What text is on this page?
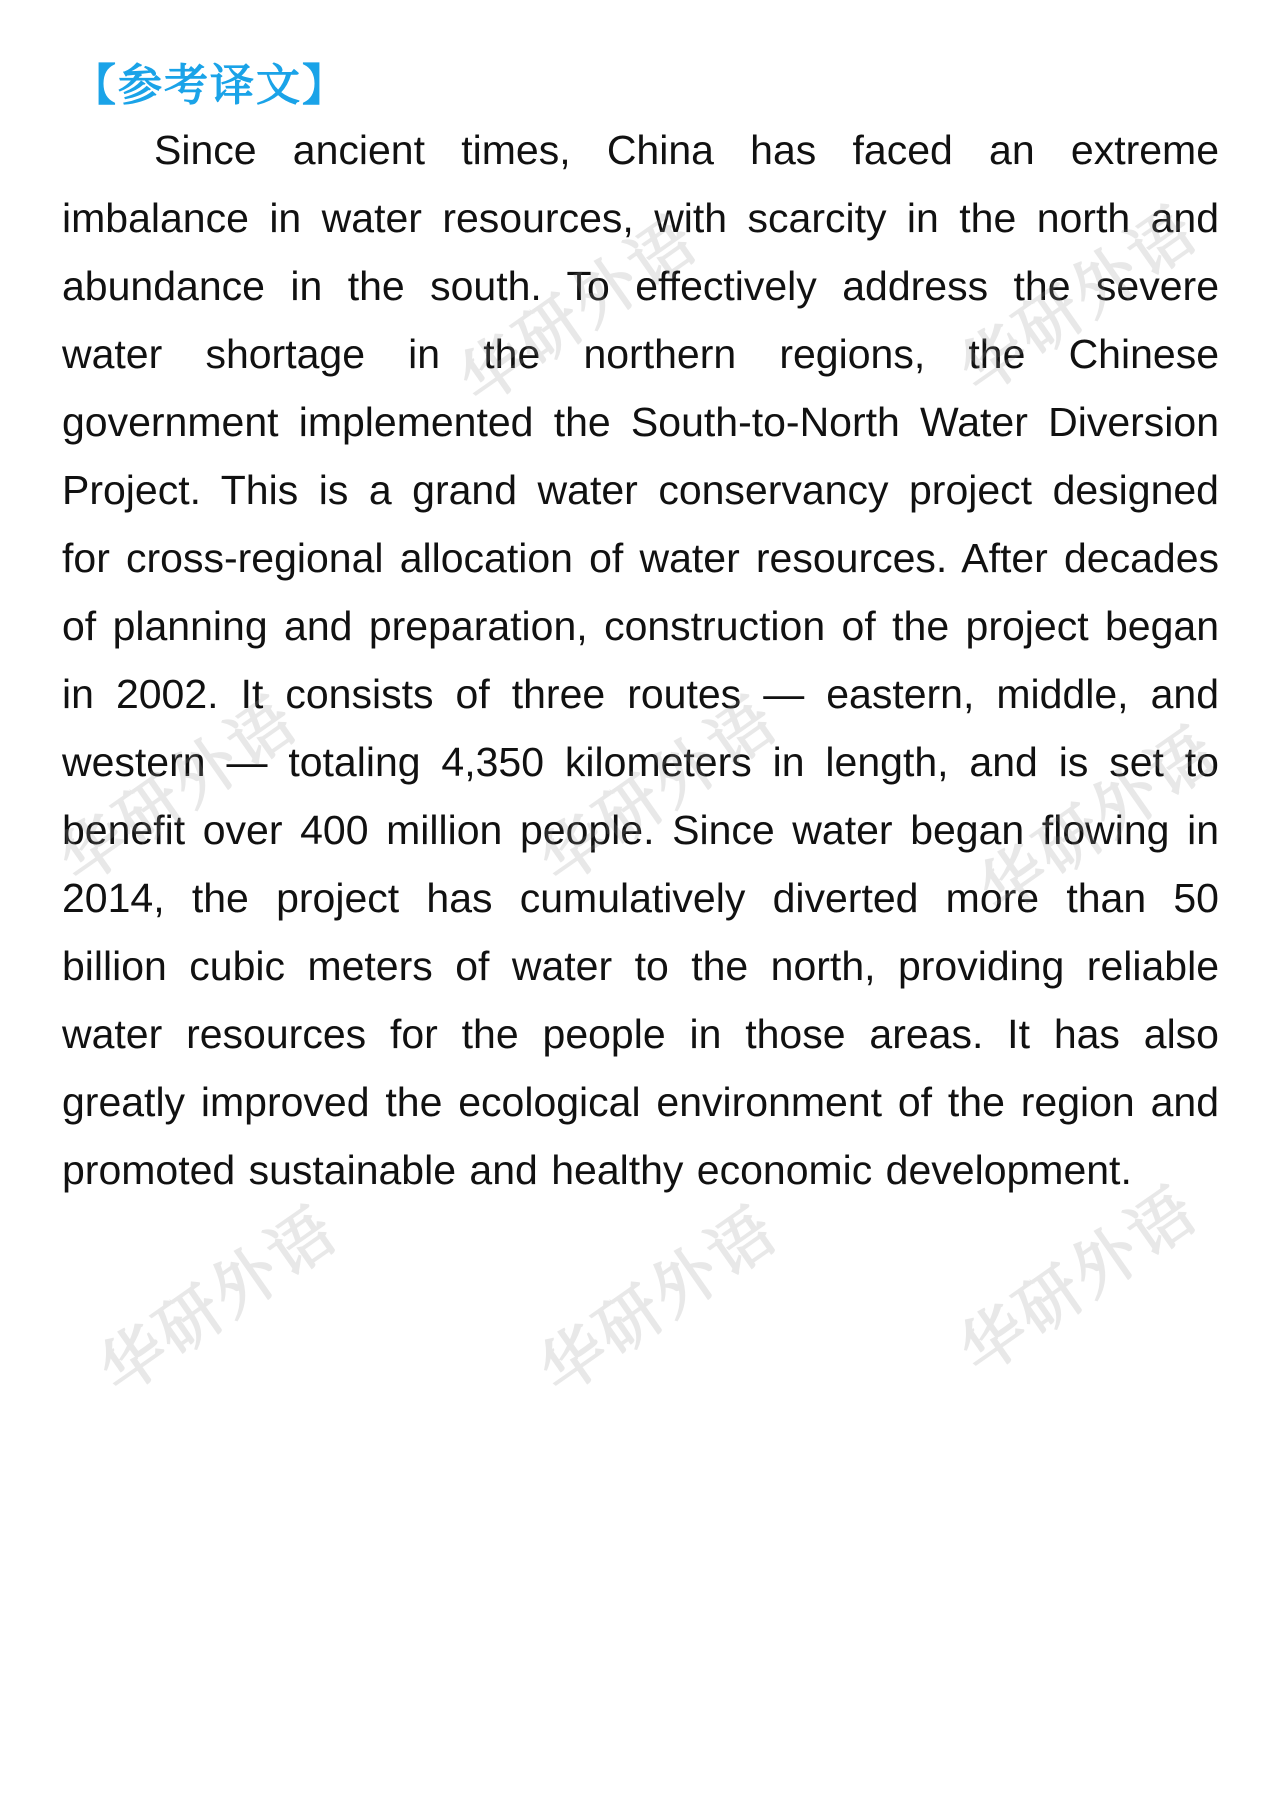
【参考译文】
Since ancient times, China has faced an extreme imbalance in water resources, with scarcity in the north and abundance in the south. To effectively address the severe water shortage in the northern regions, the Chinese government implemented the South-to-North Water Diversion Project. This is a grand water conservancy project designed for cross-regional allocation of water resources. After decades of planning and preparation, construction of the project began in 2002. It consists of three routes — eastern, middle, and western — totaling 4,350 kilometers in length, and is set to benefit over 400 million people. Since water began flowing in 2014, the project has cumulatively diverted more than 50 billion cubic meters of water to the north, providing reliable water resources for the people in those areas. It has also greatly improved the ecological environment of the region and promoted sustainable and healthy economic development.
华研外语	华研外语
华研外语	华研外语	华研外语
华研外语	华研外语 华研外语
